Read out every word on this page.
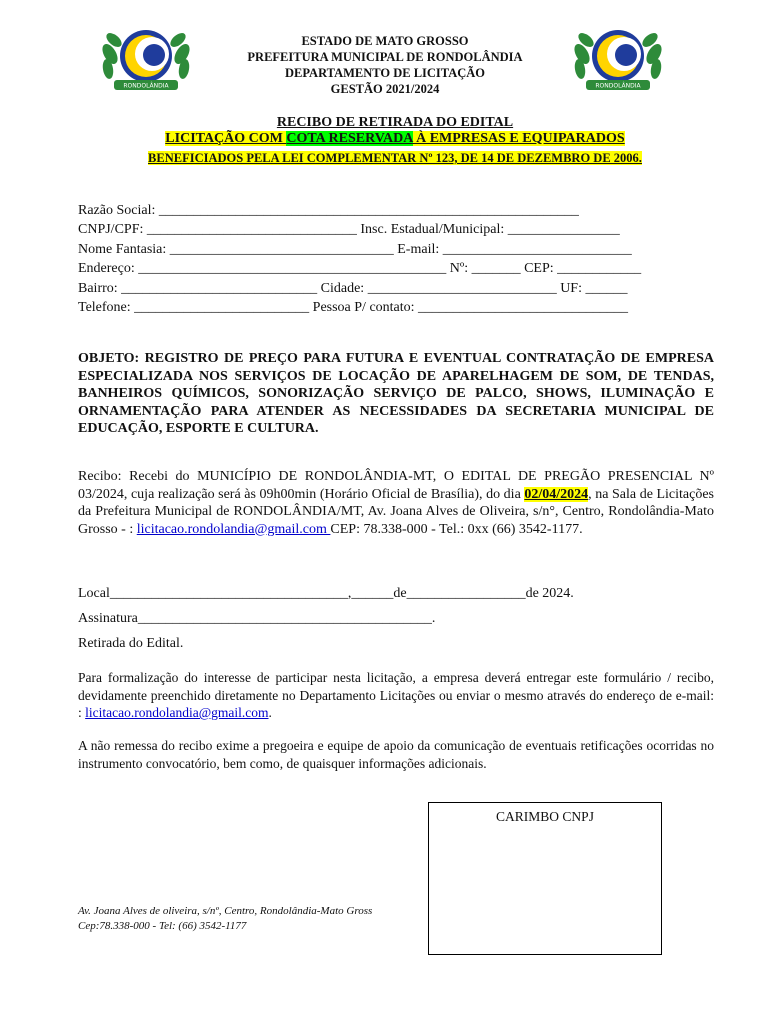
RONDOLÂNDIA	RONDOLÂNDIA
ESTADO DE MATO GROSSO
PREFEITURA MUNICIPAL DE RONDOLÂNDIA
DEPARTAMENTO DE LICITAÇÃO
GESTÃO 2021/2024
RECIBO DE RETIRADA DO EDITAL
LICITAÇÃO COM COTA RESERVADA À EMPRESAS E EQUIPARADOS
BENEFICIADOS PELA LEI COMPLEMENTAR Nº 123, DE 14 DE DEZEMBRO DE 2006.
Razão Social: ____________________________________________________________
CNPJ/CPF: ______________________________ Insc. Estadual/Municipal: ________________
Nome Fantasia: ________________________________ E-mail: ___________________________
Endereço: ____________________________________________ Nº: _______ CEP: ____________
Bairro: ____________________________ Cidade: ___________________________ UF: ______
Telefone: _________________________ Pessoa P/ contato: ______________________________
OBJETO: REGISTRO DE PREÇO PARA FUTURA E EVENTUAL CONTRATAÇÃO DE EMPRESA ESPECIALIZADA NOS SERVIÇOS DE LOCAÇÃO DE APARELHAGEM DE SOM, DE TENDAS, BANHEIROS QUÍMICOS, SONORIZAÇÃO SERVIÇO DE PALCO, SHOWS, ILUMINAÇÃO E ORNAMENTAÇÃO PARA ATENDER AS NECESSIDADES DA SECRETARIA MUNICIPAL DE EDUCAÇÃO, ESPORTE E CULTURA.
Recibo: Recebi do MUNICÍPIO DE RONDOLÂNDIA-MT, O EDITAL DE PREGÃO PRESENCIAL Nº 03/2024, cuja realização será às 09h00min (Horário Oficial de Brasília), do dia 02/04/2024, na Sala de Licitações da Prefeitura Municipal de RONDOLÂNDIA/MT, Av. Joana Alves de Oliveira, s/n°, Centro, Rondolândia-Mato Grosso - : licitacao.rondolandia@gmail.com CEP: 78.338-000 - Tel.: 0xx (66) 3542-1177.
Local__________________________________,______de_________________de 2024.
Assinatura__________________________________________.
Retirada do Edital.
Para formalização do interesse de participar nesta licitação, a empresa deverá entregar este formulário / recibo, devidamente preenchido diretamente no Departamento Licitações ou enviar o mesmo através do endereço de e-mail: : licitacao.rondolandia@gmail.com.
A não remessa do recibo exime a pregoeira e equipe de apoio da comunicação de eventuais retificações ocorridas no instrumento convocatório, bem como, de quaisquer informações adicionais.
CARIMBO CNPJ
Av. Joana Alves de oliveira, s/nº, Centro, Rondolândia-Mato Gross
Cep:78.338-000 - Tel: (66) 3542-1177
